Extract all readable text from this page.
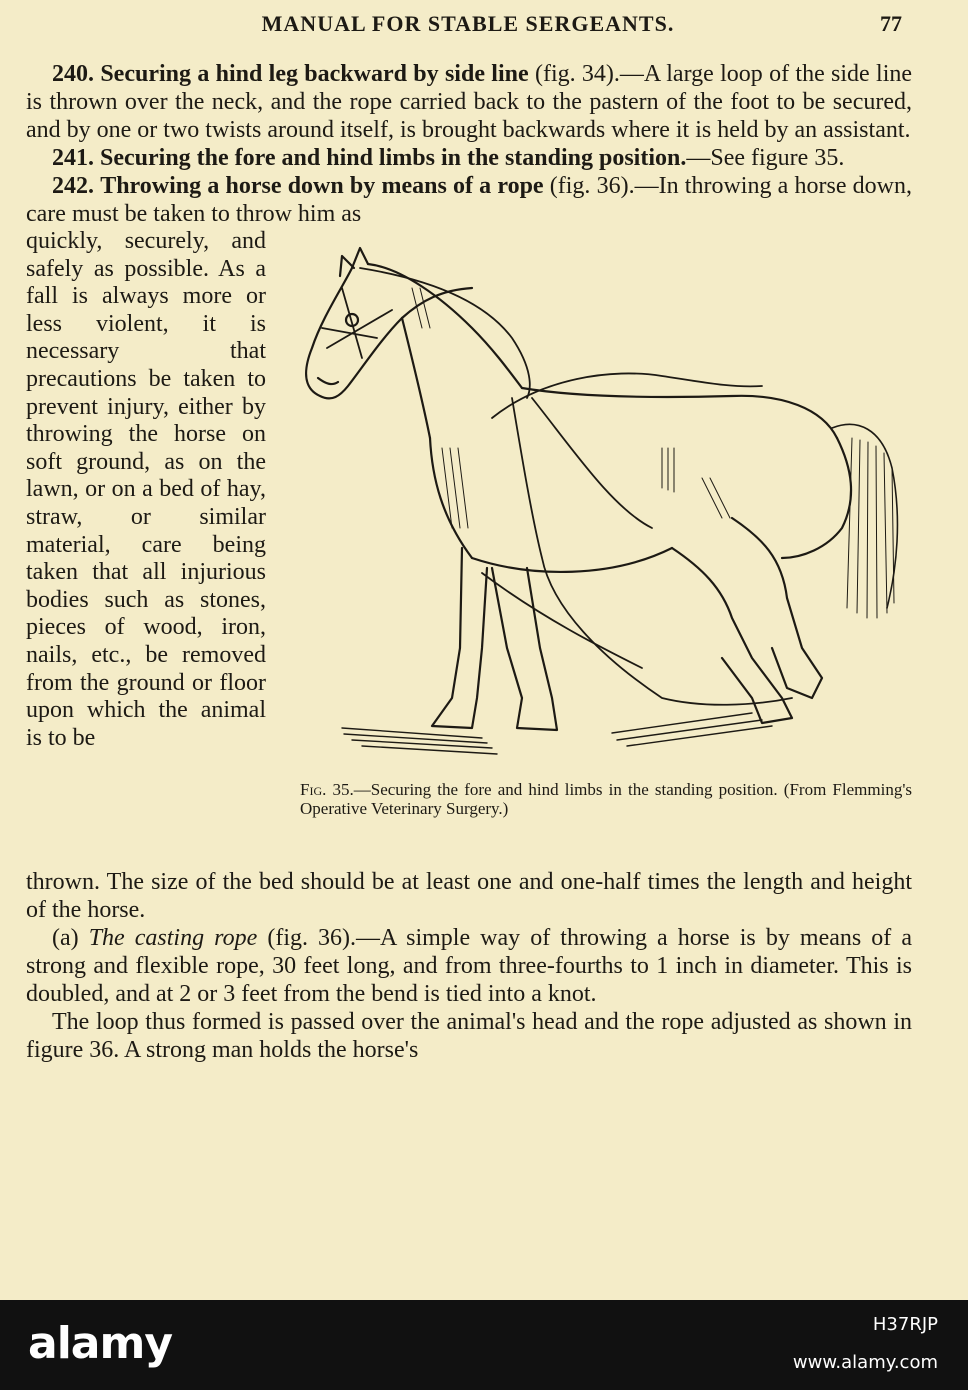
MANUAL FOR STABLE SERGEANTS.	77

240. Securing a hind leg backward by side line (fig. 34).—A large loop of the side line is thrown over the neck, and the rope carried back to the pastern of the foot to be secured, and by one or two twists around itself, is brought backwards where it is held by an assistant.

241. Securing the fore and hind limbs in the standing position.—See figure 35.

242. Throwing a horse down by means of a rope (fig. 36).—In throwing a horse down, care must be taken to throw him as

quickly, securely, and safely as possible. As a fall is always more or less violent, it is necessary that precautions be taken to prevent injury, either by throwing the horse on soft ground, as on the lawn, or on a bed of hay, straw, or similar material, care being taken that all injurious bodies such as stones, pieces of wood, iron, nails, etc., be removed from the ground or floor upon which the animal is to be
Fig. 35.—Securing the fore and hind limbs in the standing position. (From Flemming's Operative Veterinary Surgery.)

thrown. The size of the bed should be at least one and one-half times the length and height of the horse.

(a) The casting rope (fig. 36).—A simple way of throwing a horse is by means of a strong and flexible rope, 30 feet long, and from three-fourths to 1 inch in diameter. This is doubled, and at 2 or 3 feet from the bend is tied into a knot.

The loop thus formed is passed over the animal's head and the rope adjusted as shown in figure 36. A strong man holds the horse's

alamy	H37RJP
www.alamy.com
